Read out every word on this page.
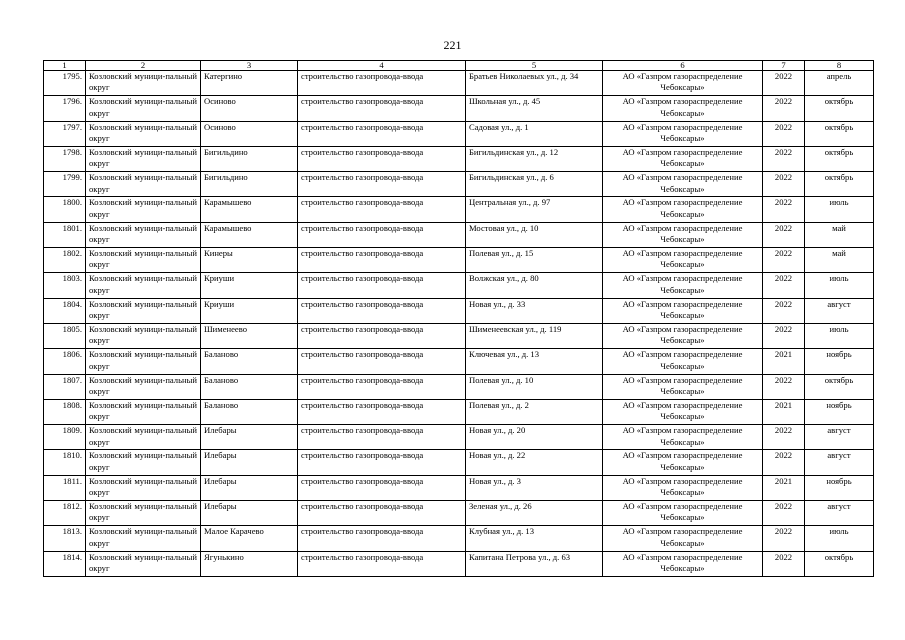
221
1	2	3	4	5	6	7	8
1795.	Козловский муници-пальный округ	Катергино	строительство газопровода-ввода	Братьев Николаевых ул., д. 34	АО «Газпром газораспределение Чебоксары»	2022	апрель
1796.	Козловский муници-пальный округ	Осиново	строительство газопровода-ввода	Школьная ул., д. 45	АО «Газпром газораспределение Чебоксары»	2022	октябрь
1797.	Козловский муници-пальный округ	Осиново	строительство газопровода-ввода	Садовая ул., д. 1	АО «Газпром газораспределение Чебоксары»	2022	октябрь
1798.	Козловский муници-пальный округ	Бигильдино	строительство газопровода-ввода	Бигильдинская ул., д. 12	АО «Газпром газораспределение Чебоксары»	2022	октябрь
1799.	Козловский муници-пальный округ	Бигильдино	строительство газопровода-ввода	Бигильдинская ул., д. 6	АО «Газпром газораспределение Чебоксары»	2022	октябрь
1800.	Козловский муници-пальный округ	Карамышево	строительство газопровода-ввода	Центральная ул., д. 97	АО «Газпром газораспределение Чебоксары»	2022	июль
1801.	Козловский муници-пальный округ	Карамышево	строительство газопровода-ввода	Мостовая ул., д. 10	АО «Газпром газораспределение Чебоксары»	2022	май
1802.	Козловский муници-пальный округ	Кинеры	строительство газопровода-ввода	Полевая ул., д. 15	АО «Газпром газораспределение Чебоксары»	2022	май
1803.	Козловский муници-пальный округ	Криуши	строительство газопровода-ввода	Волжская ул., д. 80	АО «Газпром газораспределение Чебоксары»	2022	июль
1804.	Козловский муници-пальный округ	Криуши	строительство газопровода-ввода	Новая ул., д. 33	АО «Газпром газораспределение Чебоксары»	2022	август
1805.	Козловский муници-пальный округ	Шименеево	строительство газопровода-ввода	Шименеевская ул., д. 119	АО «Газпром газораспределение Чебоксары»	2022	июль
1806.	Козловский муници-пальный округ	Баланово	строительство газопровода-ввода	Ключевая ул., д. 13	АО «Газпром газораспределение Чебоксары»	2021	ноябрь
1807.	Козловский муници-пальный округ	Баланово	строительство газопровода-ввода	Полевая ул., д. 10	АО «Газпром газораспределение Чебоксары»	2022	октябрь
1808.	Козловский муници-пальный округ	Баланово	строительство газопровода-ввода	Полевая ул., д. 2	АО «Газпром газораспределение Чебоксары»	2021	ноябрь
1809.	Козловский муници-пальный округ	Илебары	строительство газопровода-ввода	Новая ул., д. 20	АО «Газпром газораспределение Чебоксары»	2022	август
1810.	Козловский муници-пальный округ	Илебары	строительство газопровода-ввода	Новая ул., д. 22	АО «Газпром газораспределение Чебоксары»	2022	август
1811.	Козловский муници-пальный округ	Илебары	строительство газопровода-ввода	Новая ул., д. 3	АО «Газпром газораспределение Чебоксары»	2021	ноябрь
1812.	Козловский муници-пальный округ	Илебары	строительство газопровода-ввода	Зеленая ул., д. 26	АО «Газпром газораспределение Чебоксары»	2022	август
1813.	Козловский муници-пальный округ	Малое Карачево	строительство газопровода-ввода	Клубная ул., д. 13	АО «Газпром газораспределение Чебоксары»	2022	июль
1814.	Козловский муници-пальный округ	Ягунькино	строительство газопровода-ввода	Капитана Петрова ул., д. 63	АО «Газпром газораспределение Чебоксары»	2022	октябрь
